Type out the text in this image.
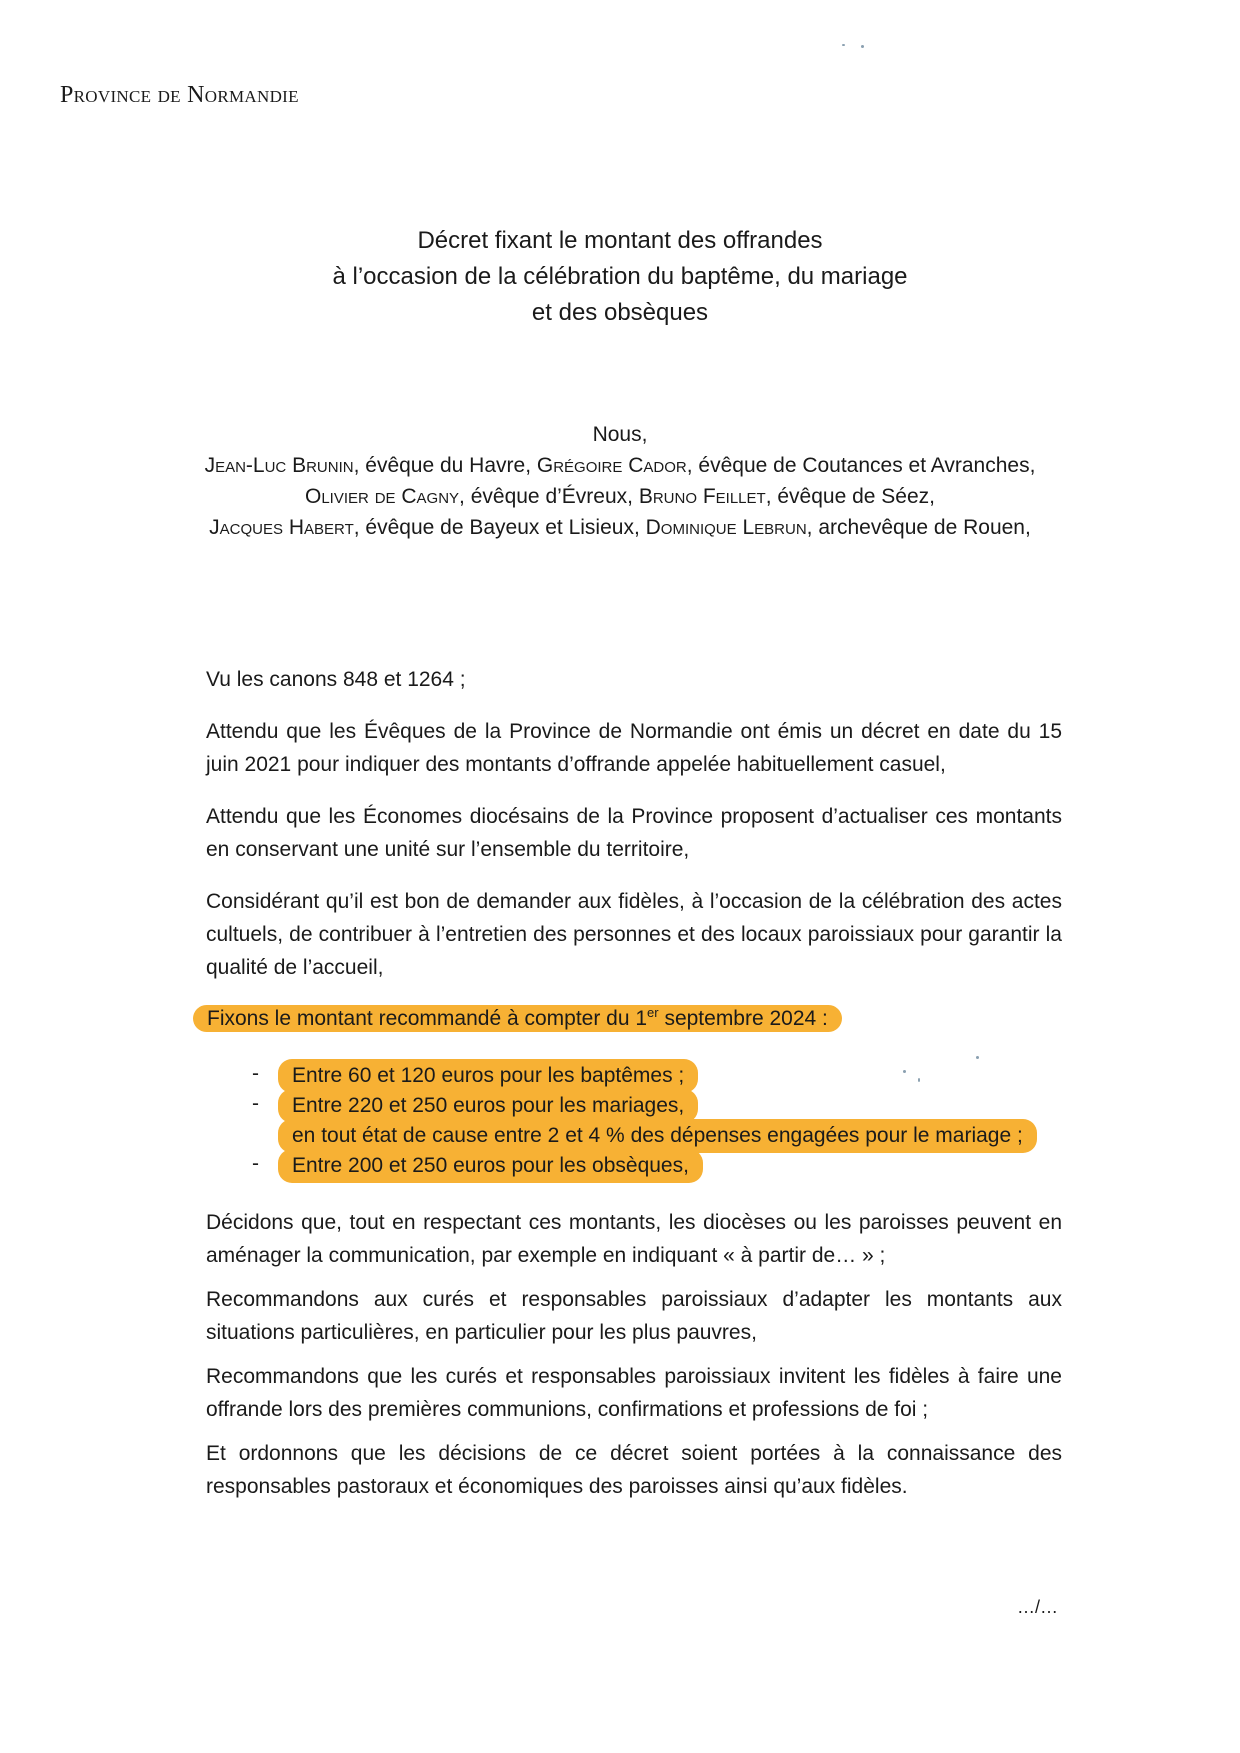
Province de Normandie
Décret fixant le montant des offrandes
à l’occasion de la célébration du baptême, du mariage
et des obsèques
Nous,
Jean-Luc Brunin, évêque du Havre, Grégoire Cador, évêque de Coutances et Avranches,
Olivier de Cagny, évêque d’Évreux, Bruno Feillet, évêque de Séez,
Jacques Habert, évêque de Bayeux et Lisieux, Dominique Lebrun, archevêque de Rouen,

Vu les canons 848 et 1264 ;

Attendu que les Évêques de la Province de Normandie ont émis un décret en date du 15 juin 2021 pour indiquer des montants d’offrande appelée habituellement casuel,

Attendu que les Économes diocésains de la Province proposent d’actualiser ces montants en conservant une unité sur l’ensemble du territoire,

Considérant qu’il est bon de demander aux fidèles, à l’occasion de la célébration des actes cultuels, de contribuer à l’entretien des personnes et des locaux paroissiaux pour garantir la qualité de l’accueil,

Fixons le montant recommandé à compter du 1er septembre 2024 :
-	Entre 60 et 120 euros pour les baptêmes ;
-	Entre 220 et 250 euros pour les mariages,
en tout état de cause entre 2 et 4 % des dépenses engagées pour le mariage ;
-	Entre 200 et 250 euros pour les obsèques,

Décidons que, tout en respectant ces montants, les diocèses ou les paroisses peuvent en aménager la communication, par exemple en indiquant « à partir de… » ;

Recommandons aux curés et responsables paroissiaux d’adapter les montants aux situations particulières, en particulier pour les plus pauvres,

Recommandons que les curés et responsables paroissiaux invitent les fidèles à faire une offrande lors des premières communions, confirmations et professions de foi ;

Et ordonnons que les décisions de ce décret soient portées à la connaissance des responsables pastoraux et économiques des paroisses ainsi qu’aux fidèles.

…/…
